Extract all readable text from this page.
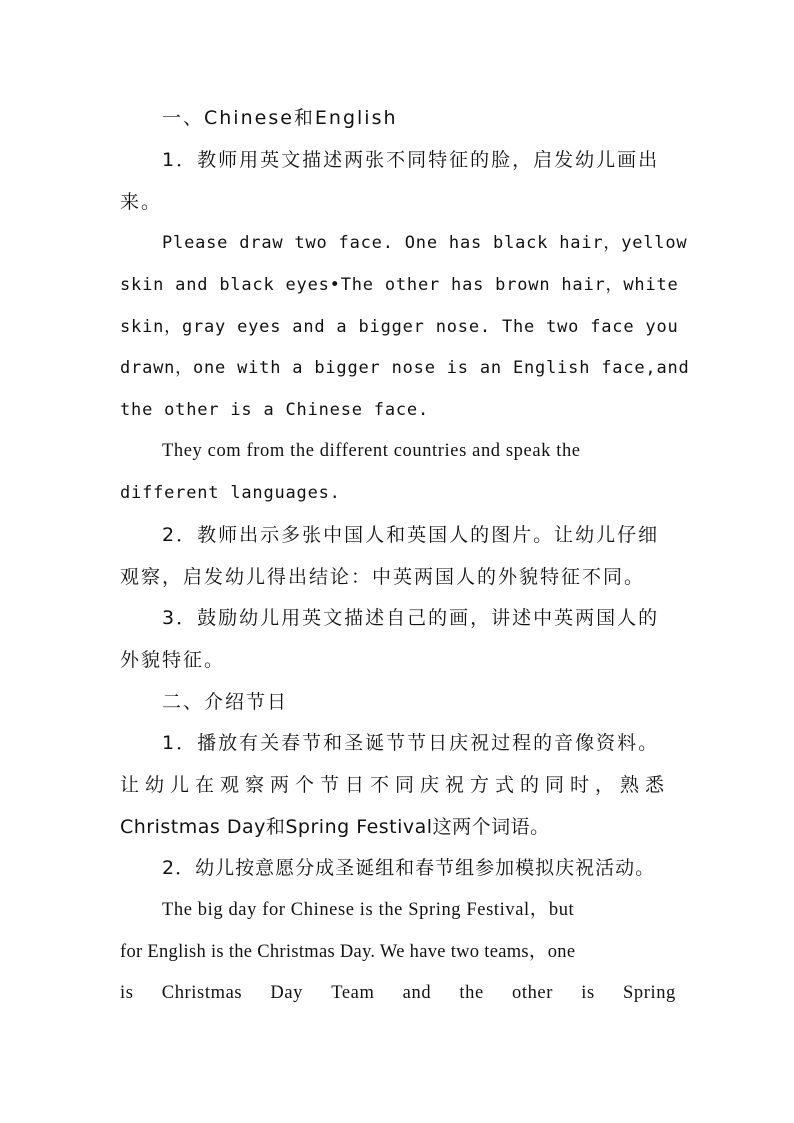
一、Chinese和English
1．教师用英文描述两张不同特征的脸，启发幼儿画出
来。
Please draw two face. One has black hair，yellow
skin and black eyes•The other has brown hair，white
skin，gray eyes and a bigger nose. The two face you
drawn，one with a bigger nose is an English face,and
the other is a Chinese face.
They com from the different countries and speak the
different languages.
2．教师出示多张中国人和英国人的图片。让幼儿仔细
观察，启发幼儿得出结论：中英两国人的外貌特征不同。
3．鼓励幼儿用英文描述自己的画，讲述中英两国人的
外貌特征。
二、介绍节日
1．播放有关春节和圣诞节节日庆祝过程的音像资料。
让幼儿在观察两个节日不同庆祝方式的同时，熟悉
Christmas Day和Spring Festival这两个词语。
2．幼儿按意愿分成圣诞组和春节组参加模拟庆祝活动。
The big day for Chinese is the Spring Festival，but
for English is the Christmas Day. We have two teams，one
is Christmas Day Team and the other is Spring
